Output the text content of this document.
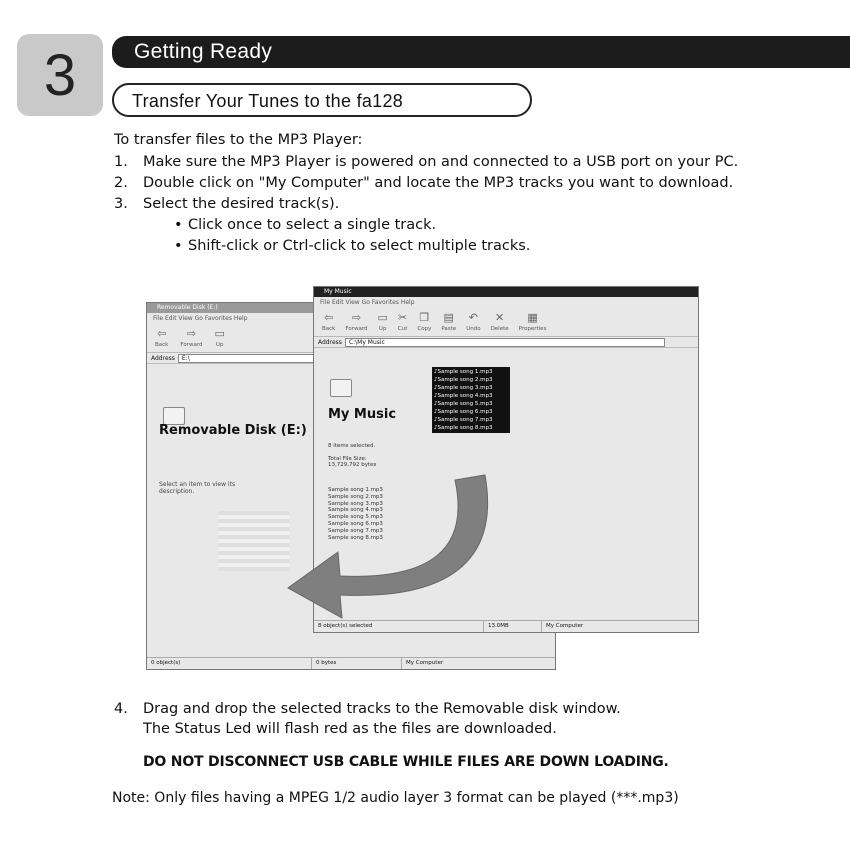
3	Getting Ready
Transfer Your Tunes to the fa128
To transfer files to the MP3 Player:
1.	Make sure the MP3 Player is powered on and connected to a USB port on your PC.
2.	Double click on "My Computer" and locate the MP3 tracks you want to download.
3.	Select the desired track(s).
• Click once to select a single track.
• Shift-click or Ctrl-click to select multiple tracks.
Removable Disk (E:)
File Edit View Go Favorites Help
⇦
Back
⇨
Forward
▭
Up
Address	E:\
Removable Disk (E:)
Select an item to view its description.
0 object(s)	0 bytes	My Computer
My Music
File Edit View Go Favorites Help
⇦
Back
⇨
Forward
▭
Up
✂
Cut
❐
Copy
▤
Paste
↶
Undo
✕
Delete
▦
Properties
Address	C:\My Music
My Music
8 items selected.
Total File Size:
13,729,792 bytes
Sample song 1.mp3
Sample song 2.mp3
Sample song 3.mp3
Sample song 4.mp3
Sample song 5.mp3
Sample song 6.mp3
Sample song 7.mp3
Sample song 8.mp3
♪ Sample song 1.mp3
♪ Sample song 2.mp3
♪ Sample song 3.mp3
♪ Sample song 4.mp3
♪ Sample song 5.mp3
♪ Sample song 6.mp3
♪ Sample song 7.mp3
♪ Sample song 8.mp3
8 object(s) selected	13.0MB	My Computer
4. Drag and drop the selected tracks to the Removable disk window.
The Status Led will flash red as the files are downloaded.
DO NOT DISCONNECT USB CABLE WHILE FILES ARE DOWN LOADING.
Note: Only files having a MPEG 1/2 audio layer 3 format can be played (***.mp3)
